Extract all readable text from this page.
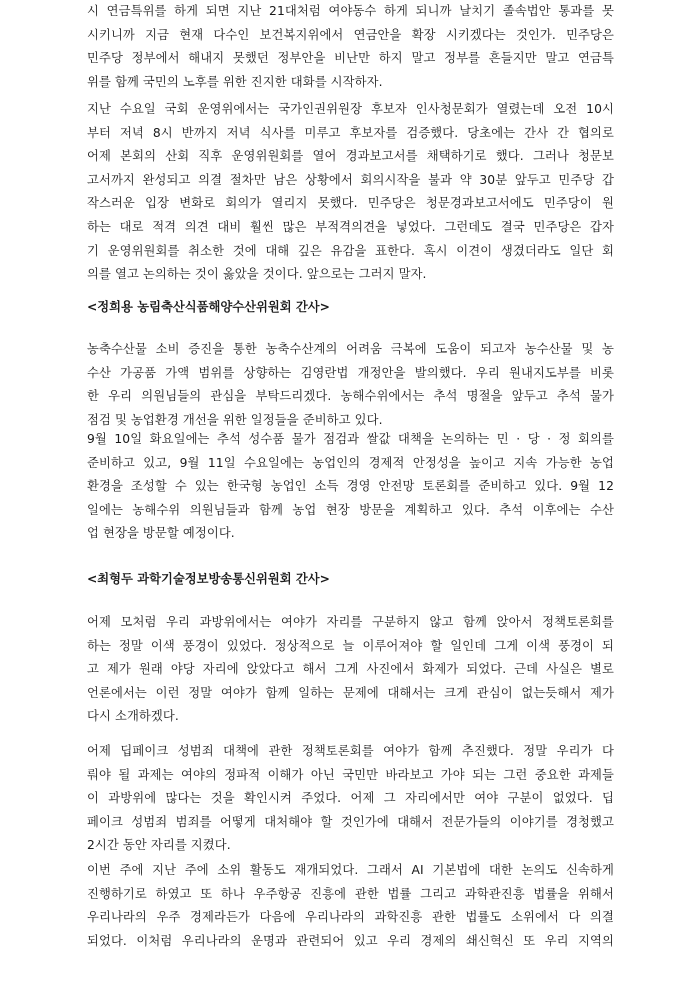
시 연금특위를 하게 되면 지난 21대처럼 여야동수 하게 되니까 날치기 졸속법안 통과를 못
시키니까 지금 현재 다수인 보건복지위에서 연금안을 확장 시키겠다는 것인가. 민주당은
민주당 정부에서 해내지 못했던 정부안을 비난만 하지 말고 정부를 흔들지만 말고 연금특
위를 함께 국민의 노후를 위한 진지한 대화를 시작하자.
지난 수요일 국회 운영위에서는 국가인권위원장 후보자 인사청문회가 열렸는데 오전 10시
부터 저녁 8시 반까지 저녁 식사를 미루고 후보자를 검증했다. 당초에는 간사 간 협의로
어제 본회의 산회 직후 운영위원회를 열어 경과보고서를 채택하기로 했다. 그러나 청문보
고서까지 완성되고 의결 절차만 남은 상황에서 회의시작을 불과 약 30분 앞두고 민주당 갑
작스러운 입장 변화로 회의가 열리지 못했다. 민주당은 청문경과보고서에도 민주당이 원
하는 대로 적격 의견 대비 훨씬 많은 부적격의견을 넣었다. 그런데도 결국 민주당은 갑자
기 운영위원회를 취소한 것에 대해 깊은 유감을 표한다. 혹시 이견이 생겼더라도 일단 회
의를 열고 논의하는 것이 옳았을 것이다. 앞으로는 그러지 말자.
<정희용 농림축산식품해양수산위원회 간사>
농축수산물 소비 증진을 통한 농축수산계의 어려움 극복에 도움이 되고자 농수산물 및 농
수산 가공품 가액 범위를 상향하는 김영란법 개정안을 발의했다. 우리 원내지도부를 비롯
한 우리 의원님들의 관심을 부탁드리겠다. 농해수위에서는 추석 명절을 앞두고 추석 물가
점검 및 농업환경 개선을 위한 일정들을 준비하고 있다.
9월 10일 화요일에는 추석 성수품 물가 점검과 쌀값 대책을 논의하는 민 · 당 · 정 회의를
준비하고 있고, 9월 11일 수요일에는 농업인의 경제적 안정성을 높이고 지속 가능한 농업
환경을 조성할 수 있는 한국형 농업인 소득 경영 안전망 토론회를 준비하고 있다. 9월 12
일에는 농해수위 의원님들과 함께 농업 현장 방문을 계획하고 있다. 추석 이후에는 수산
업 현장을 방문할 예정이다.
<최형두 과학기술정보방송통신위원회 간사>
어제 모처럼 우리 과방위에서는 여야가 자리를 구분하지 않고 함께 앉아서 정책토론회를
하는 정말 이색 풍경이 있었다. 정상적으로 늘 이루어져야 할 일인데 그게 이색 풍경이 되
고 제가 원래 야당 자리에 앉았다고 해서 그게 사진에서 화제가 되었다. 근데 사실은 별로
언론에서는 이런 정말 여야가 함께 일하는 문제에 대해서는 크게 관심이 없는듯해서 제가
다시 소개하겠다.
어제 딥페이크 성범죄 대책에 관한 정책토론회를 여야가 함께 추진했다. 정말 우리가 다
뤄야 될 과제는 여야의 정파적 이해가 아닌 국민만 바라보고 가야 되는 그런 중요한 과제들
이 과방위에 많다는 것을 확인시켜 주었다. 어제 그 자리에서만 여야 구분이 없었다. 딥
페이크 성범죄 범죄를 어떻게 대처해야 할 것인가에 대해서 전문가들의 이야기를 경청했고
2시간 동안 자리를 지켰다.
이번 주에 지난 주에 소위 활동도 재개되었다. 그래서 AI 기본법에 대한 논의도 신속하게
진행하기로 하였고 또 하나 우주항공 진흥에 관한 법률 그리고 과학관진흥 법률을 위해서
우리나라의 우주 경제라든가 다음에 우리나라의 과학진흥 관한 법률도 소위에서 다 의결
되었다. 이처럼 우리나라의 운명과 관련되어 있고 우리 경제의 쇄신혁신 또 우리 지역의
